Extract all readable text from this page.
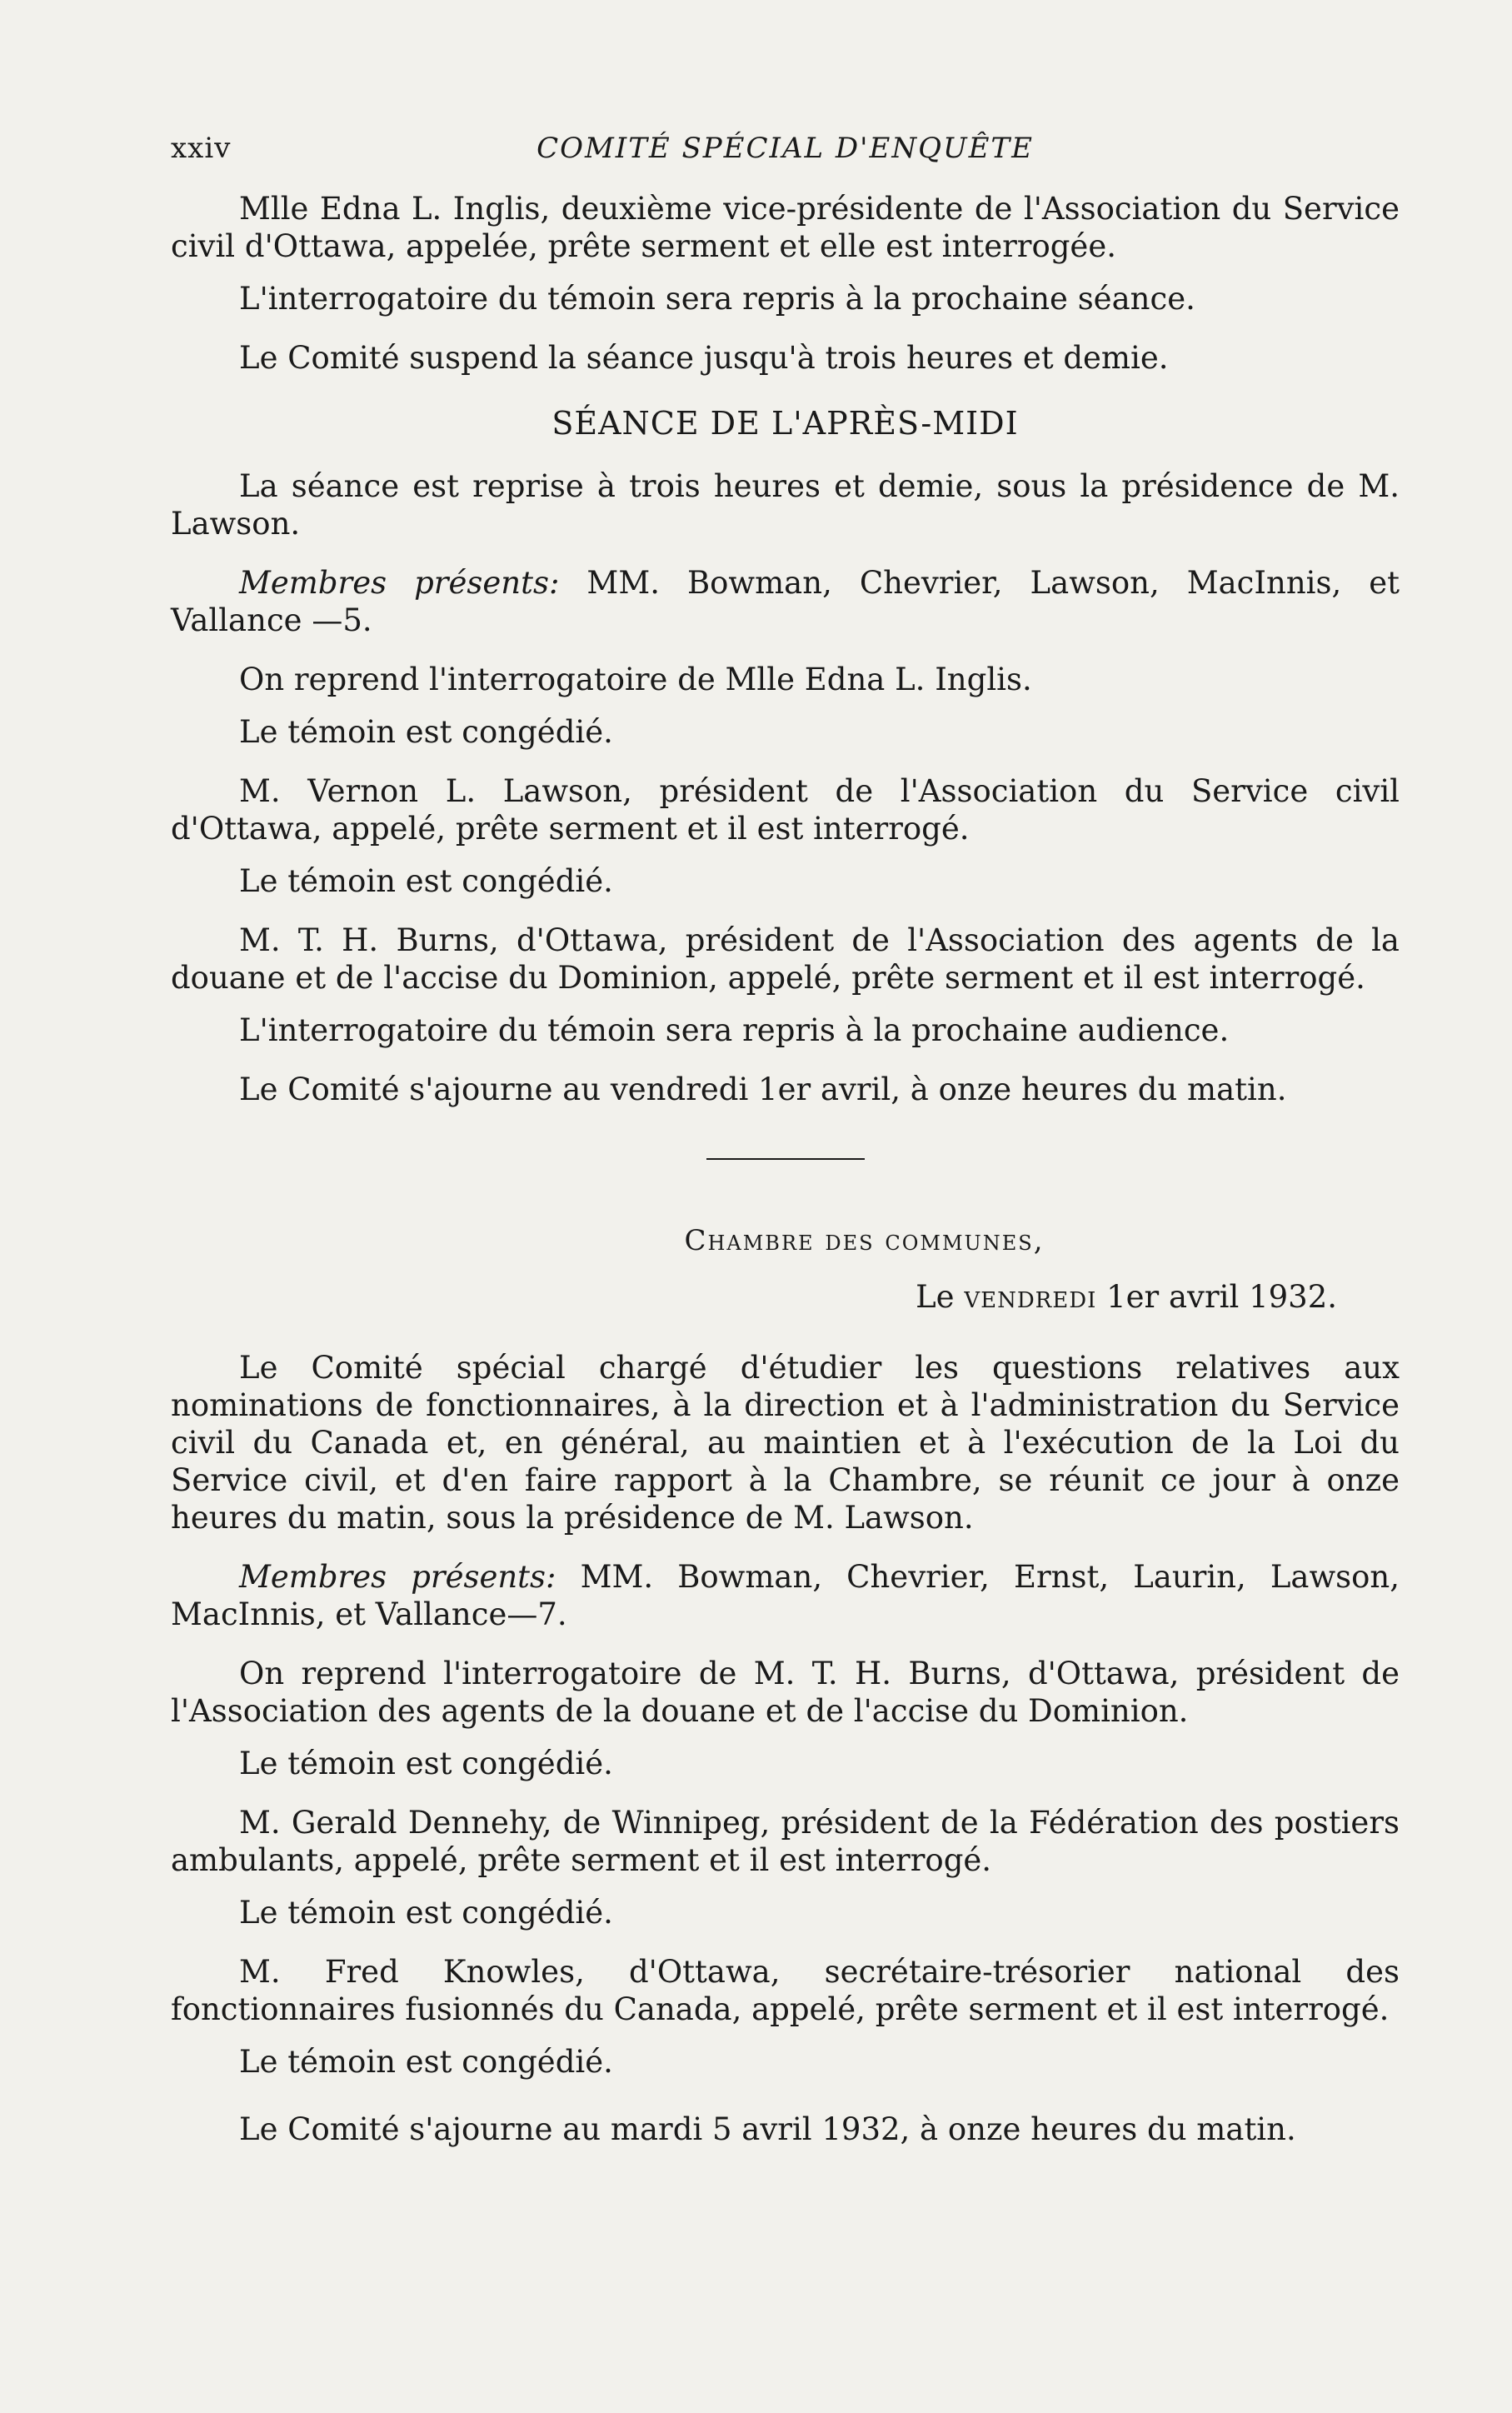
xxiv	COMITÉ SPÉCIAL D'ENQUÊTE

Mlle Edna L. Inglis, deuxième vice-présidente de l'Association du Service civil d'Ottawa, appelée, prête serment et elle est interrogée.

L'interrogatoire du témoin sera repris à la prochaine séance.

Le Comité suspend la séance jusqu'à trois heures et demie.

SÉANCE DE L'APRÈS-MIDI

La séance est reprise à trois heures et demie, sous la présidence de M. Lawson.

Membres présents: MM. Bowman, Chevrier, Lawson, MacInnis, et Vallance —5.

On reprend l'interrogatoire de Mlle Edna L. Inglis.

Le témoin est congédié.

M. Vernon L. Lawson, président de l'Association du Service civil d'Ottawa, appelé, prête serment et il est interrogé.

Le témoin est congédié.

M. T. H. Burns, d'Ottawa, président de l'Association des agents de la douane et de l'accise du Dominion, appelé, prête serment et il est interrogé.

L'interrogatoire du témoin sera repris à la prochaine audience.

Le Comité s'ajourne au vendredi 1er avril, à onze heures du matin.

Chambre des communes,

Le vendredi 1er avril 1932.

Le Comité spécial chargé d'étudier les questions relatives aux nominations de fonctionnaires, à la direction et à l'administration du Service civil du Canada et, en général, au maintien et à l'exécution de la Loi du Service civil, et d'en faire rapport à la Chambre, se réunit ce jour à onze heures du matin, sous la présidence de M. Lawson.

Membres présents: MM. Bowman, Chevrier, Ernst, Laurin, Lawson, MacInnis, et Vallance—7.

On reprend l'interrogatoire de M. T. H. Burns, d'Ottawa, président de l'Association des agents de la douane et de l'accise du Dominion.

Le témoin est congédié.

M. Gerald Dennehy, de Winnipeg, président de la Fédération des postiers ambulants, appelé, prête serment et il est interrogé.

Le témoin est congédié.

M. Fred Knowles, d'Ottawa, secrétaire-trésorier national des fonctionnaires fusionnés du Canada, appelé, prête serment et il est interrogé.

Le témoin est congédié.

Le Comité s'ajourne au mardi 5 avril 1932, à onze heures du matin.
